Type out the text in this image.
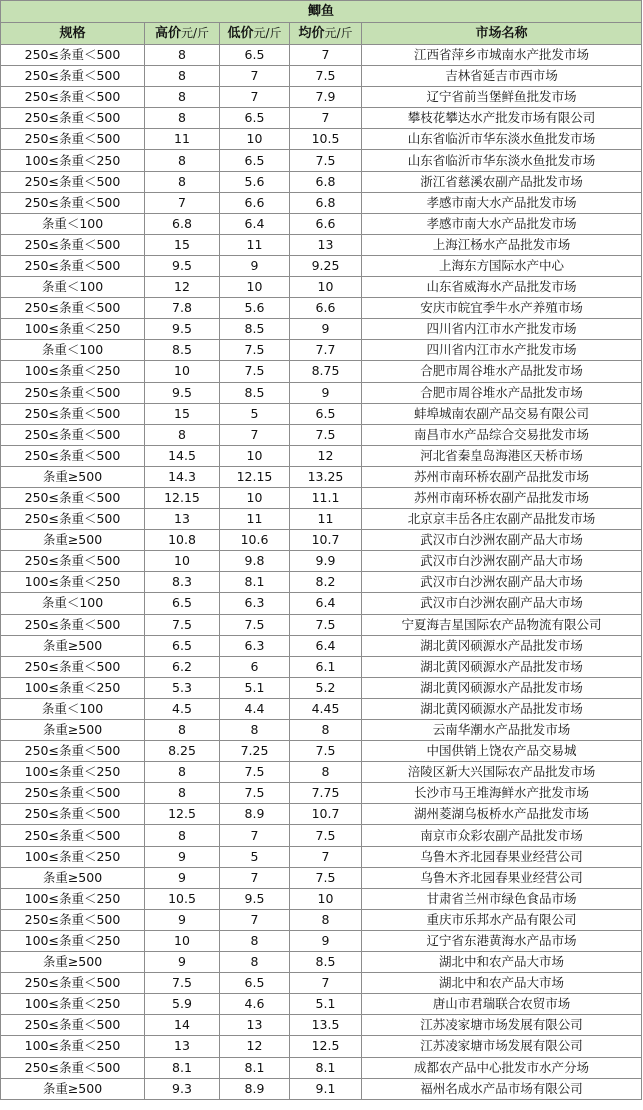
鲫鱼				
规格	高价元/斤	低价元/斤	均价元/斤	市场名称
250≤条重＜500	8	6.5	7	江西省萍乡市城南水产批发市场
250≤条重＜500	8	7	7.5	吉林省延吉市西市场
250≤条重＜500	8	7	7.9	辽宁省前当堡鲜鱼批发市场
250≤条重＜500	8	6.5	7	攀枝花攀达水产批发市场有限公司
250≤条重＜500	11	10	10.5	山东省临沂市华东淡水鱼批发市场
100≤条重＜250	8	6.5	7.5	山东省临沂市华东淡水鱼批发市场
250≤条重＜500	8	5.6	6.8	浙江省慈溪农副产品批发市场
250≤条重＜500	7	6.6	6.8	孝感市南大水产品批发市场
条重＜100	6.8	6.4	6.6	孝感市南大水产品批发市场
250≤条重＜500	15	11	13	上海江杨水产品批发市场
250≤条重＜500	9.5	9	9.25	上海东方国际水产中心
条重＜100	12	10	10	山东省威海水产品批发市场
250≤条重＜500	7.8	5.6	6.6	安庆市皖宜季牛水产养殖市场
100≤条重＜250	9.5	8.5	9	四川省内江市水产批发市场
条重＜100	8.5	7.5	7.7	四川省内江市水产批发市场
100≤条重＜250	10	7.5	8.75	合肥市周谷堆水产品批发市场
250≤条重＜500	9.5	8.5	9	合肥市周谷堆水产品批发市场
250≤条重＜500	15	5	6.5	蚌埠城南农副产品交易有限公司
250≤条重＜500	8	7	7.5	南昌市水产品综合交易批发市场
250≤条重＜500	14.5	10	12	河北省秦皇岛海港区天桥市场
条重≥500	14.3	12.15	13.25	苏州市南环桥农副产品批发市场
250≤条重＜500	12.15	10	11.1	苏州市南环桥农副产品批发市场
250≤条重＜500	13	11	11	北京京丰岳各庄农副产品批发市场
条重≥500	10.8	10.6	10.7	武汉市白沙洲农副产品大市场
250≤条重＜500	10	9.8	9.9	武汉市白沙洲农副产品大市场
100≤条重＜250	8.3	8.1	8.2	武汉市白沙洲农副产品大市场
条重＜100	6.5	6.3	6.4	武汉市白沙洲农副产品大市场
250≤条重＜500	7.5	7.5	7.5	宁夏海吉星国际农产品物流有限公司
条重≥500	6.5	6.3	6.4	湖北黄冈硕源水产品批发市场
250≤条重＜500	6.2	6	6.1	湖北黄冈硕源水产品批发市场
100≤条重＜250	5.3	5.1	5.2	湖北黄冈硕源水产品批发市场
条重＜100	4.5	4.4	4.45	湖北黄冈硕源水产品批发市场
条重≥500	8	8	8	云南华潮水产品批发市场
250≤条重＜500	8.25	7.25	7.5	中国供销上饶农产品交易城
100≤条重＜250	8	7.5	8	涪陵区新大兴国际农产品批发市场
250≤条重＜500	8	7.5	7.75	长沙市马王堆海鲜水产批发市场
250≤条重＜500	12.5	8.9	10.7	湖州菱湖乌板桥水产品批发市场
250≤条重＜500	8	7	7.5	南京市众彩农副产品批发市场
100≤条重＜250	9	5	7	乌鲁木齐北园春果业经营公司
条重≥500	9	7	7.5	乌鲁木齐北园春果业经营公司
100≤条重＜250	10.5	9.5	10	甘肃省兰州市绿色食品市场
250≤条重＜500	9	7	8	重庆市乐邦水产品有限公司
100≤条重＜250	10	8	9	辽宁省东港黄海水产品市场
条重≥500	9	8	8.5	湖北中和农产品大市场
250≤条重＜500	7.5	6.5	7	湖北中和农产品大市场
100≤条重＜250	5.9	4.6	5.1	唐山市君瑞联合农贸市场
250≤条重＜500	14	13	13.5	江苏凌家塘市场发展有限公司
100≤条重＜250	13	12	12.5	江苏凌家塘市场发展有限公司
250≤条重＜500	8.1	8.1	8.1	成都农产品中心批发市水产分场
条重≥500	9.3	8.9	9.1	福州名成水产品市场有限公司
